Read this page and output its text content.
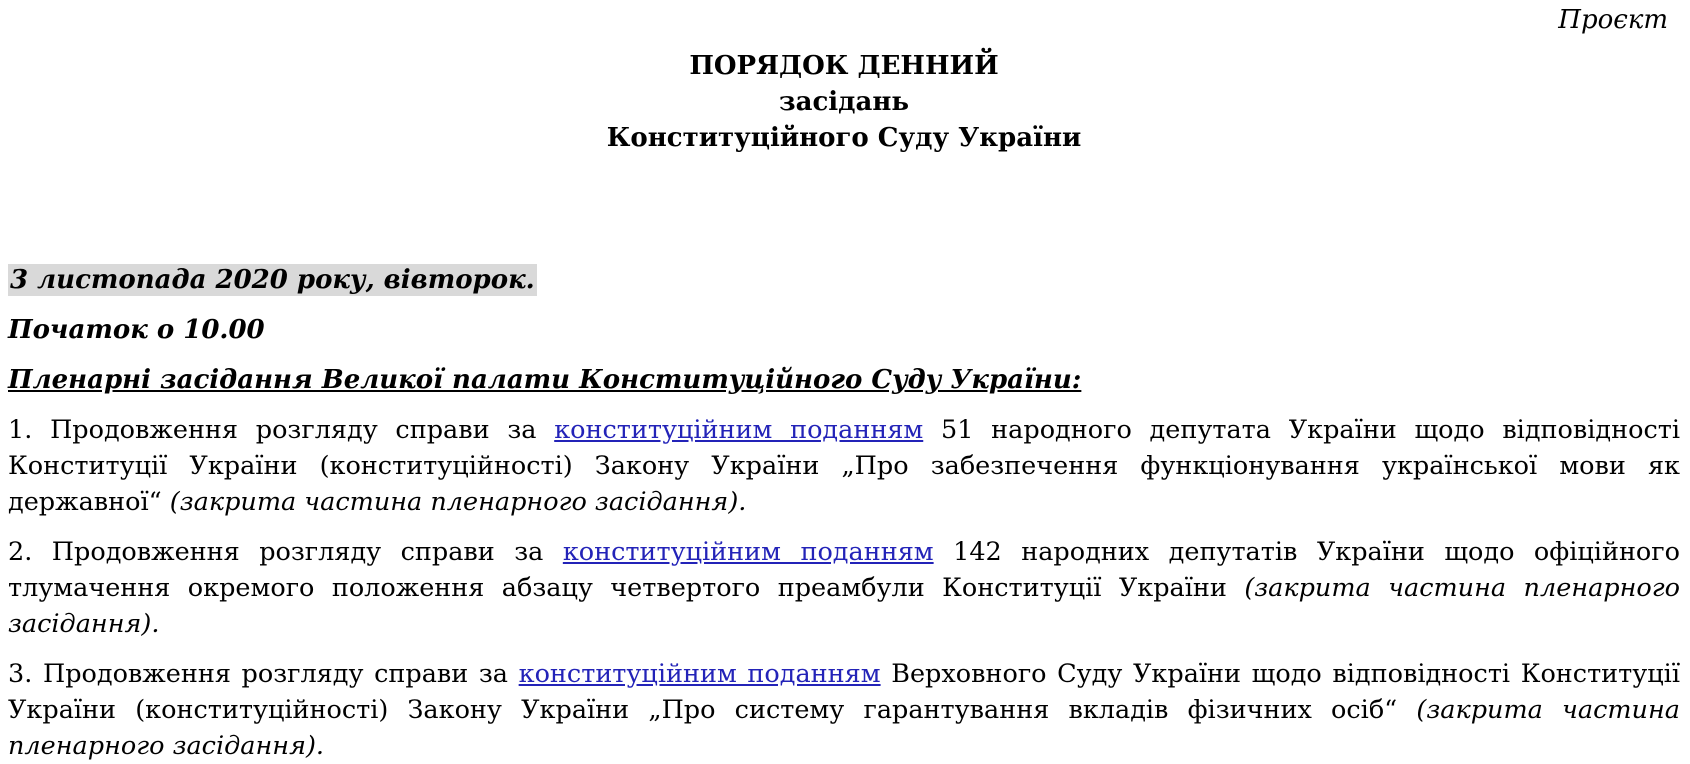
Проєкт
ПОРЯДОК ДЕННИЙ
засідань
Конституційного Суду України

3 листопада 2020 року, вівторок.

Початок о 10.00

Пленарні засідання Великої палати Конституційного Суду України:

1. Продовження розгляду справи за конституційним поданням 51 народного депутата України щодо відповідності Конституції України (конституційності) Закону України „Про забезпечення функціонування української мови як державної“ (закрита частина пленарного засідання).

2. Продовження розгляду справи за конституційним поданням 142 народних депутатів України щодо офіційного тлумачення окремого положення абзацу четвертого преамбули Конституції України (закрита частина пленарного засідання).

3. Продовження розгляду справи за конституційним поданням Верховного Суду України щодо відповідності Конституції України (конституційності) Закону України „Про систему гарантування вкладів фізичних осіб“ (закрита частина пленарного засідання).
